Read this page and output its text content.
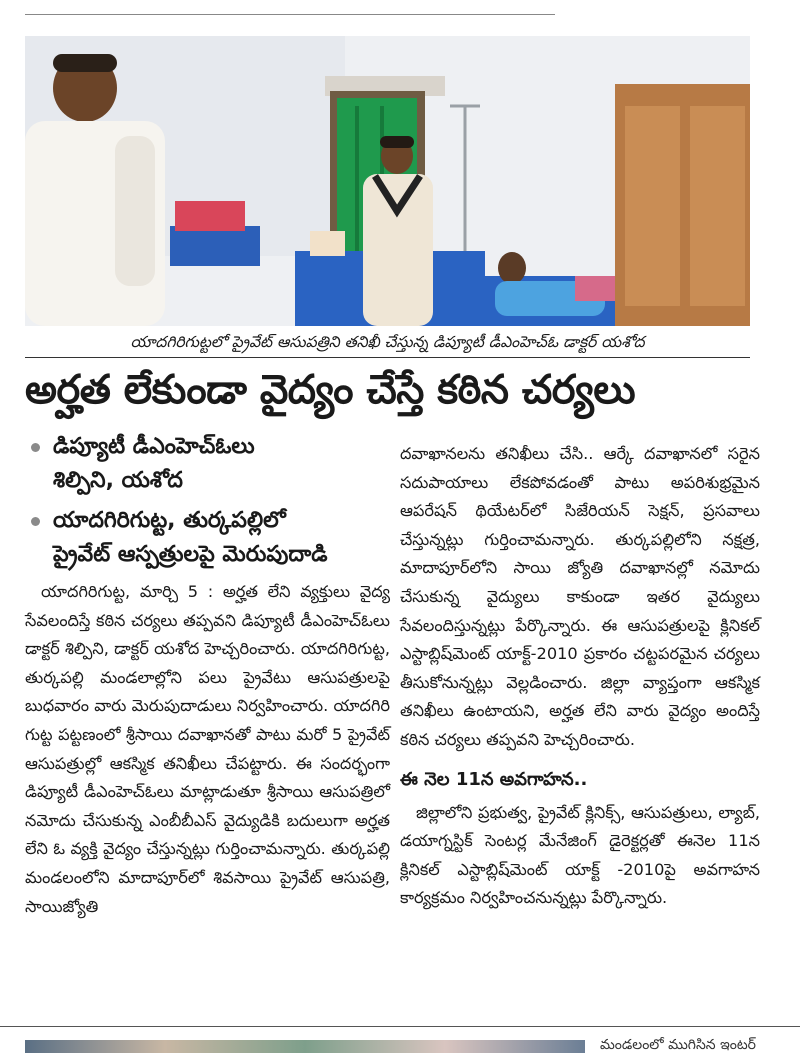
యాదగిరిగుట్టలో ప్రైవేట్ ఆసుపత్రిని తనిఖీ చేస్తున్న డిప్యూటీ డీఎంహెచ్ఓ డాక్టర్ యశోద
అర్హత లేకుండా వైద్యం చేస్తే కఠిన చర్యలు
డిప్యూటీ డీఎంహెచ్ఓలు
శిల్పిని, యశోద
యాదగిరిగుట్ట, తుర్కపల్లిలో
ప్రైవేట్ ఆస్పత్రులపై మెరుపుదాడి

యాదగిరిగుట్ట, మార్చి 5 : అర్హత లేని వ్యక్తులు వైద్య సేవలందిస్తే కఠిన చర్యలు తప్పవని డిప్యూటీ డీఎంహెచ్ఓలు డాక్టర్ శిల్పిని, డాక్టర్ యశోద హెచ్చరించారు. యాదగిరిగుట్ట, తుర్కపల్లి మండలాల్లోని పలు ప్రైవేటు ఆసుపత్రులపై బుధవారం వారు మెరుపుదాడులు నిర్వహించారు. యాదగిరి గుట్ట పట్టణంలో శ్రీసాయి దవాఖానతో పాటు మరో 5 ప్రైవేట్ ఆసుపత్రుల్లో ఆకస్మిక తనిఖీలు చేపట్టారు. ఈ సందర్భంగా డిప్యూటీ డీఎంహెచ్ఓలు మాట్లాడుతూ శ్రీసాయి ఆసుపత్రిలో నమోదు చేసుకున్న ఎంబీబీఎస్ వైద్యుడికి బదులుగా అర్హత లేని ఓ వ్యక్తి వైద్యం చేస్తున్నట్లు గుర్తించామన్నారు. తుర్కపల్లి మండలంలోని మాదాపూర్‌లో శివసాయి ప్రైవేట్ ఆసుపత్రి, సాయిజ్యోతి

దవాఖానలను తనిఖీలు చేసి.. ఆర్కే దవాఖానలో సరైన సదుపాయాలు లేకపోవడంతో పాటు అపరిశుభ్రమైన ఆపరేషన్ థియేటర్‌లో సిజేరియన్ సెక్షన్, ప్రసవాలు చేస్తున్నట్లు గుర్తించామన్నారు. తుర్కపల్లిలోని నక్షత్ర, మాదాపూర్‌లోని సాయి జ్యోతి దవాఖానల్లో నమోదు చేసుకున్న వైద్యులు కాకుండా ఇతర వైద్యులు సేవలందిస్తున్నట్లు పేర్కొన్నారు. ఈ ఆసుపత్రులపై క్లినికల్ ఎస్టాబ్లిష్‌మెంట్ యాక్ట్-2010 ప్రకారం చట్టపరమైన చర్యలు తీసుకోనున్నట్లు వెల్లడించారు. జిల్లా వ్యాప్తంగా ఆకస్మిక తనిఖీలు ఉంటాయని, అర్హత లేని వారు వైద్యం అందిస్తే కఠిన చర్యలు తప్పవని హెచ్చరించారు.

ఈ నెల 11న అవగాహన..

జిల్లాలోని ప్రభుత్వ, ప్రైవేట్ క్లినిక్స్, ఆసుపత్రులు, ల్యాబ్, డయాగ్నస్టిక్ సెంటర్ల మేనేజింగ్ డైరెక్టర్లతో ఈనెల 11న క్లినికల్ ఎస్టాబ్లిష్‌మెంట్ యాక్ట్ -2010పై అవగాహన కార్యక్రమం నిర్వహించనున్నట్లు పేర్కొన్నారు.

మండలంలో ముగిసిన ఇంటర్
